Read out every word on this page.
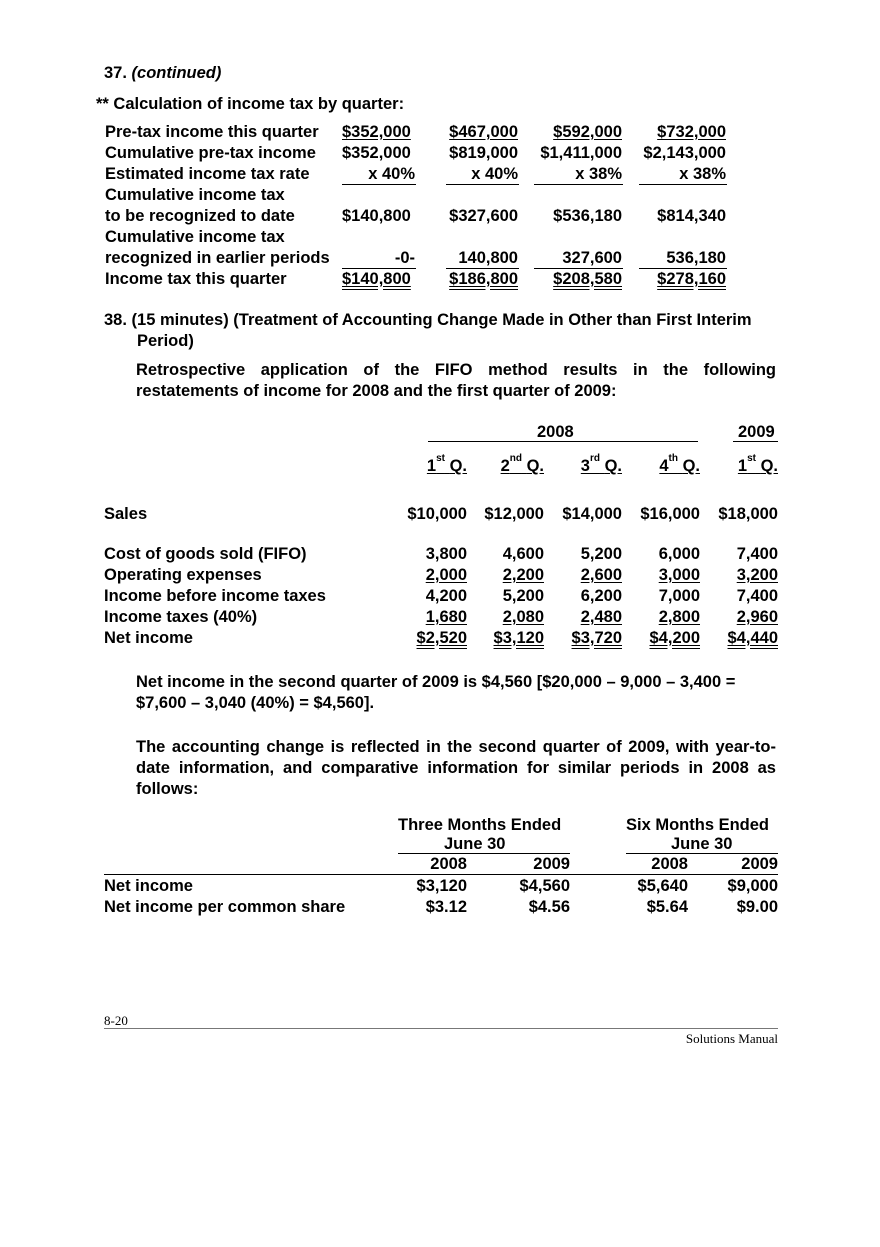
37. (continued)
** Calculation of income tax by quarter:
Pre-tax income this quarter $352,000 $467,000 $592,000 $732,000
Cumulative pre-tax income $352,000 $819,000 $1,411,000 $2,143,000
Estimated income tax rate	x 40%	x 40%	x 38%	x 38%
Cumulative income tax
to be recognized to date	$140,800 $327,600 $536,180 $814,340
Cumulative income tax
recognized in earlier periods	-0-	140,800	327,600	536,180
Income tax this quarter	$140,800 $186,800 $208,580 $278,160
38. (15 minutes) (Treatment of Accounting Change Made in Other than First Interim
Period)
Retrospective application of the FIFO method results in the following restatements of income for 2008 and the first quarter of 2009:
2008	2009
1st Q. 2nd Q. 3rd Q. 4th Q. 1st Q.
Sales	$10,000 $12,000 $14,000 $16,000 $18,000
Cost of goods sold (FIFO)	3,800 4,600 5,200 6,000 7,400
Operating expenses	2,000 2,200 2,600 3,000 3,200
Income before income taxes	4,200 5,200 6,200 7,000 7,400
Income taxes (40%)	1,680 2,080 2,480 2,800 2,960
Net income	$2,520 $3,120 $3,720 $4,200 $4,440
Net income in the second quarter of 2009 is $4,560 [$20,000 – 9,000 – 3,400 =
$7,600 – 3,040 (40%) = $4,560].
The accounting change is reflected in the second quarter of 2009, with year-to-date information, and comparative information for similar periods in 2008 as follows:
Three Months Ended	Six Months Ended
June 30	June 30
2008	2009	2008	2009
Net income	$3,120	$4,560	$5,640 $9,000
Net income per common share	$3.12	$4.56	$5.64	$9.00
8-20
Solutions Manual
